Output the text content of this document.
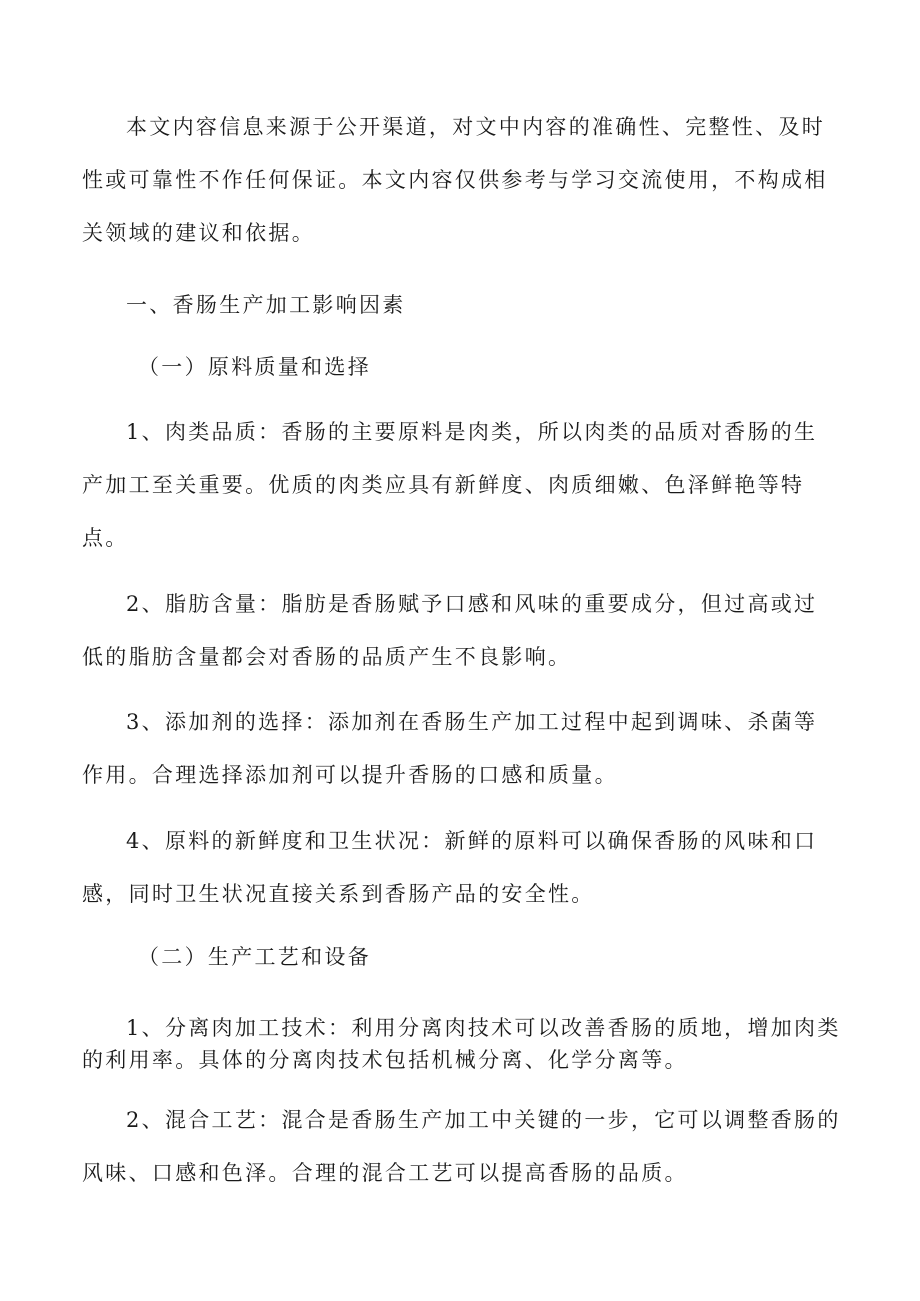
本文内容信息来源于公开渠道，对文中内容的准确性、完整性、及时
性或可靠性不作任何保证。本文内容仅供参考与学习交流使用，不构成相
关领域的建议和依据。
一、香肠生产加工影响因素
（一）原料质量和选择
1、肉类品质：香肠的主要原料是肉类，所以肉类的品质对香肠的生
产加工至关重要。优质的肉类应具有新鲜度、肉质细嫩、色泽鲜艳等特
点。
2、脂肪含量：脂肪是香肠赋予口感和风味的重要成分，但过高或过
低的脂肪含量都会对香肠的品质产生不良影响。
3、添加剂的选择：添加剂在香肠生产加工过程中起到调味、杀菌等
作用。合理选择添加剂可以提升香肠的口感和质量。
4、原料的新鲜度和卫生状况：新鲜的原料可以确保香肠的风味和口
感，同时卫生状况直接关系到香肠产品的安全性。
（二）生产工艺和设备
1、分离肉加工技术：利用分离肉技术可以改善香肠的质地，增加肉类
的利用率。具体的分离肉技术包括机械分离、化学分离等。
2、混合工艺：混合是香肠生产加工中关键的一步，它可以调整香肠的
风味、口感和色泽。合理的混合工艺可以提高香肠的品质。
